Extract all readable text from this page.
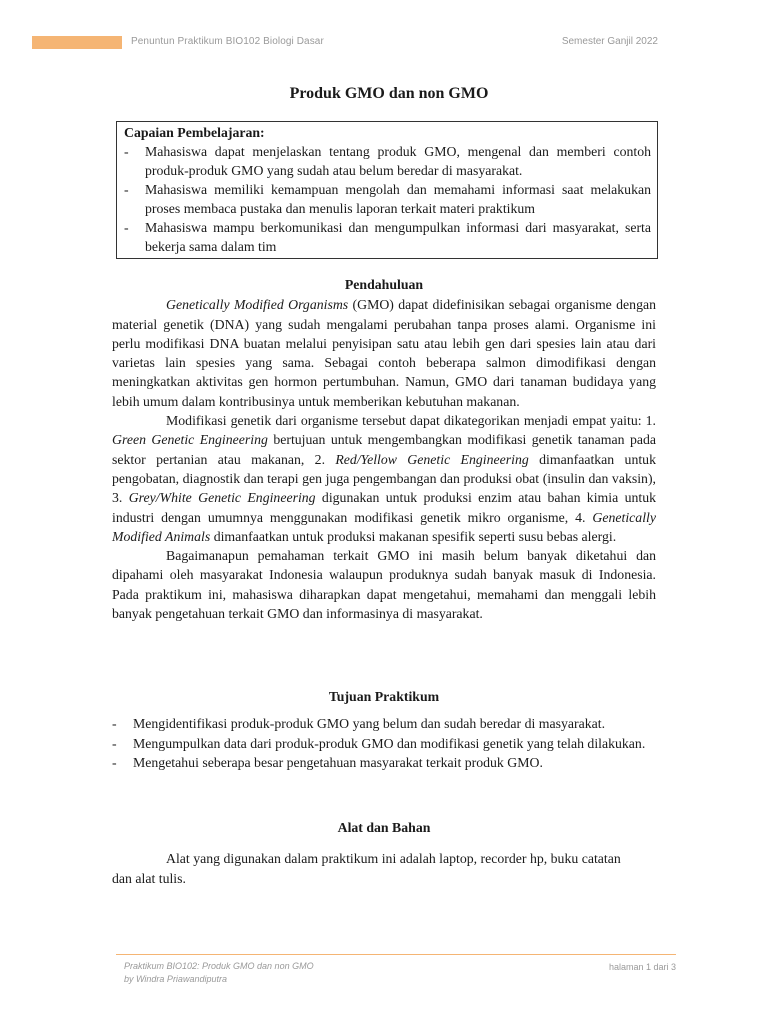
Penuntun Praktikum BIO102 Biologi Dasar	Semester Ganjil 2022
Produk GMO dan non GMO
Capaian Pembelajaran:
-	Mahasiswa dapat menjelaskan tentang produk GMO, mengenal dan memberi contoh produk-produk GMO yang sudah atau belum beredar di masyarakat.
-	Mahasiswa memiliki kemampuan mengolah dan memahami informasi saat melakukan proses membaca pustaka dan menulis laporan terkait materi praktikum
-	Mahasiswa mampu berkomunikasi dan mengumpulkan informasi dari masyarakat, serta bekerja sama dalam tim

Pendahuluan

Genetically Modified Organisms (GMO) dapat didefinisikan sebagai organisme dengan material genetik (DNA) yang sudah mengalami perubahan tanpa proses alami. Organisme ini perlu modifikasi DNA buatan melalui penyisipan satu atau lebih gen dari spesies lain atau dari varietas lain spesies yang sama. Sebagai contoh beberapa salmon dimodifikasi dengan meningkatkan aktivitas gen hormon pertumbuhan. Namun, GMO dari tanaman budidaya yang lebih umum dalam kontribusinya untuk memberikan kebutuhan makanan.

Modifikasi genetik dari organisme tersebut dapat dikategorikan menjadi empat yaitu: 1. Green Genetic Engineering bertujuan untuk mengembangkan modifikasi genetik tanaman pada sektor pertanian atau makanan, 2. Red/Yellow Genetic Engineering dimanfaatkan untuk pengobatan, diagnostik dan terapi gen juga pengembangan dan produksi obat (insulin dan vaksin), 3. Grey/White Genetic Engineering digunakan untuk produksi enzim atau bahan kimia untuk industri dengan umumnya menggunakan modifikasi genetik mikro organisme, 4. Genetically Modified Animals dimanfaatkan untuk produksi makanan spesifik seperti susu bebas alergi.

Bagaimanapun pemahaman terkait GMO ini masih belum banyak diketahui dan dipahami oleh masyarakat Indonesia walaupun produknya sudah banyak masuk di Indonesia. Pada praktikum ini, mahasiswa diharapkan dapat mengetahui, memahami dan menggali lebih banyak pengetahuan terkait GMO dan informasinya di masyarakat.

Tujuan Praktikum

-	Mengidentifikasi produk-produk GMO yang belum dan sudah beredar di masyarakat.
-	Mengumpulkan data dari produk-produk GMO dan modifikasi genetik yang telah dilakukan.
-	Mengetahui seberapa besar pengetahuan masyarakat terkait produk GMO.

Alat dan Bahan

Alat yang digunakan dalam praktikum ini adalah laptop, recorder hp, buku catatan dan alat tulis.

Praktikum BIO102: Produk GMO dan non GMO
by Windra Priawandiputra
halaman 1 dari 3
